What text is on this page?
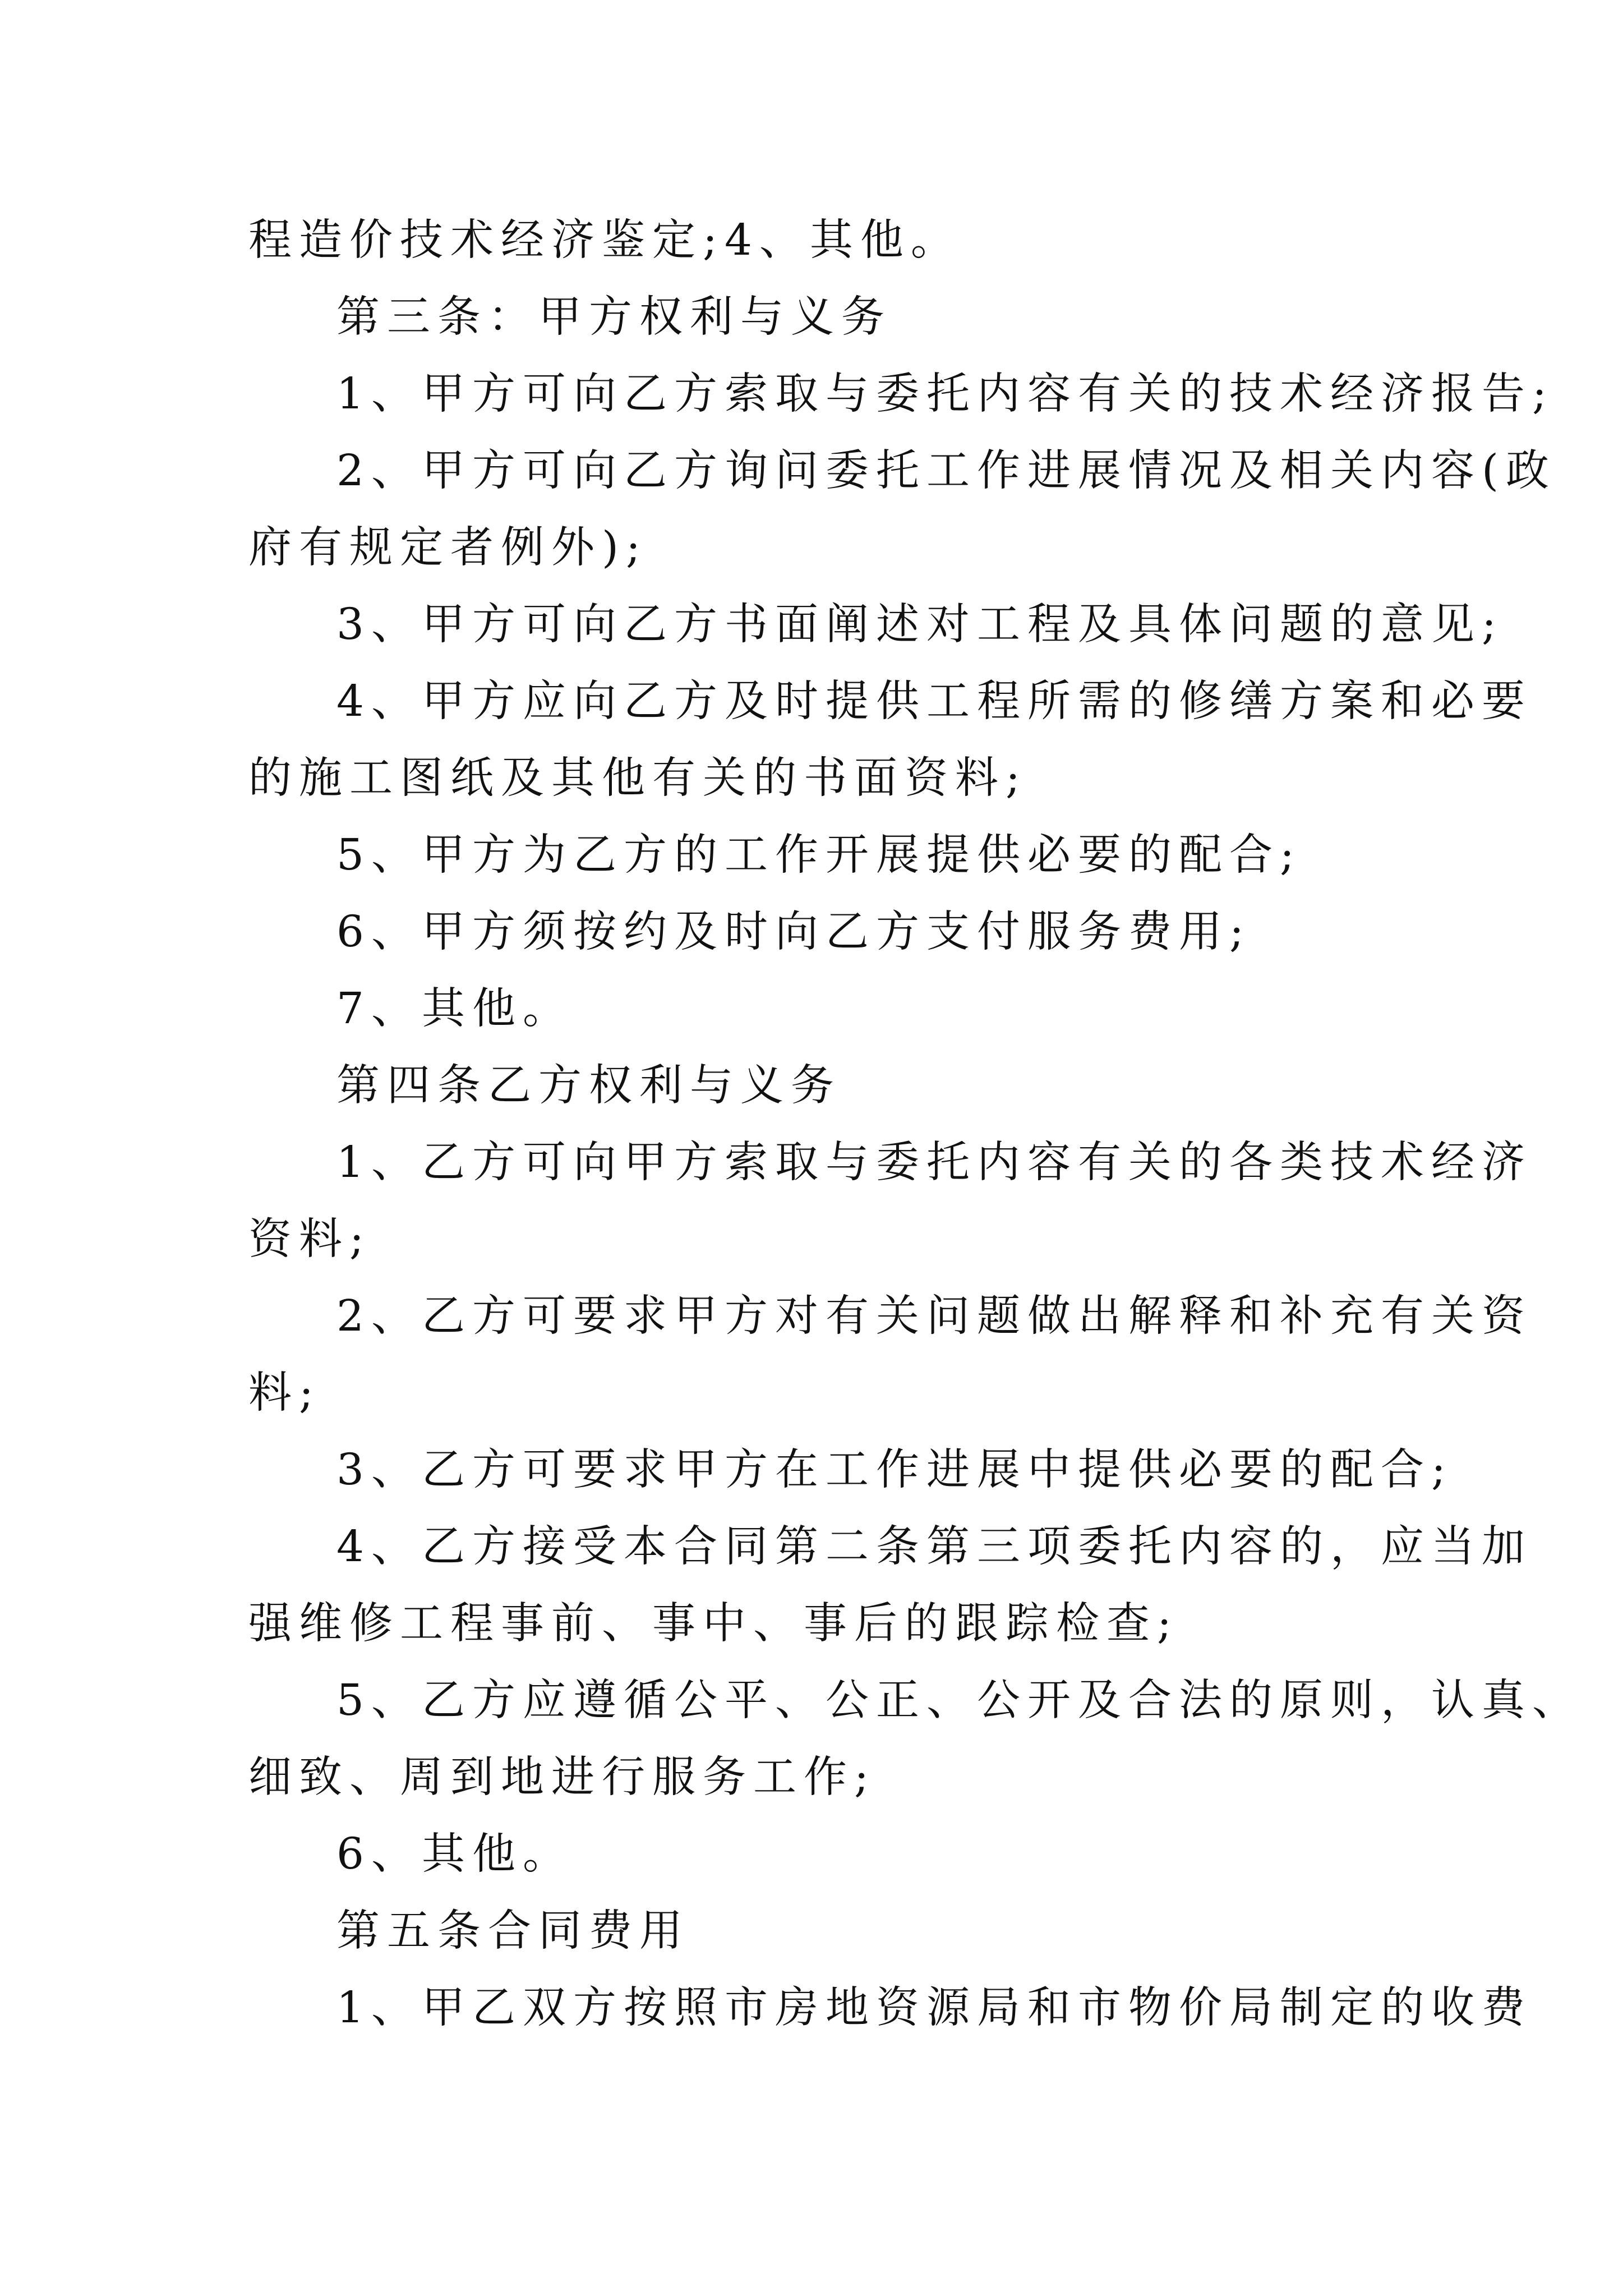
程造价技术经济鉴定;4、其他。
第三条：甲方权利与义务
1、甲方可向乙方索取与委托内容有关的技术经济报告;
2、甲方可向乙方询问委托工作进展情况及相关内容(政
府有规定者例外);
3、甲方可向乙方书面阐述对工程及具体问题的意见;
4、甲方应向乙方及时提供工程所需的修缮方案和必要
的施工图纸及其他有关的书面资料;
5、甲方为乙方的工作开展提供必要的配合;
6、甲方须按约及时向乙方支付服务费用;
7、其他。
第四条乙方权利与义务
1、乙方可向甲方索取与委托内容有关的各类技术经济
资料;
2、乙方可要求甲方对有关问题做出解释和补充有关资
料;
3、乙方可要求甲方在工作进展中提供必要的配合;
4、乙方接受本合同第二条第三项委托内容的，应当加
强维修工程事前、事中、事后的跟踪检查;
5、乙方应遵循公平、公正、公开及合法的原则，认真、
细致、周到地进行服务工作;
6、其他。
第五条合同费用
1、甲乙双方按照市房地资源局和市物价局制定的收费
